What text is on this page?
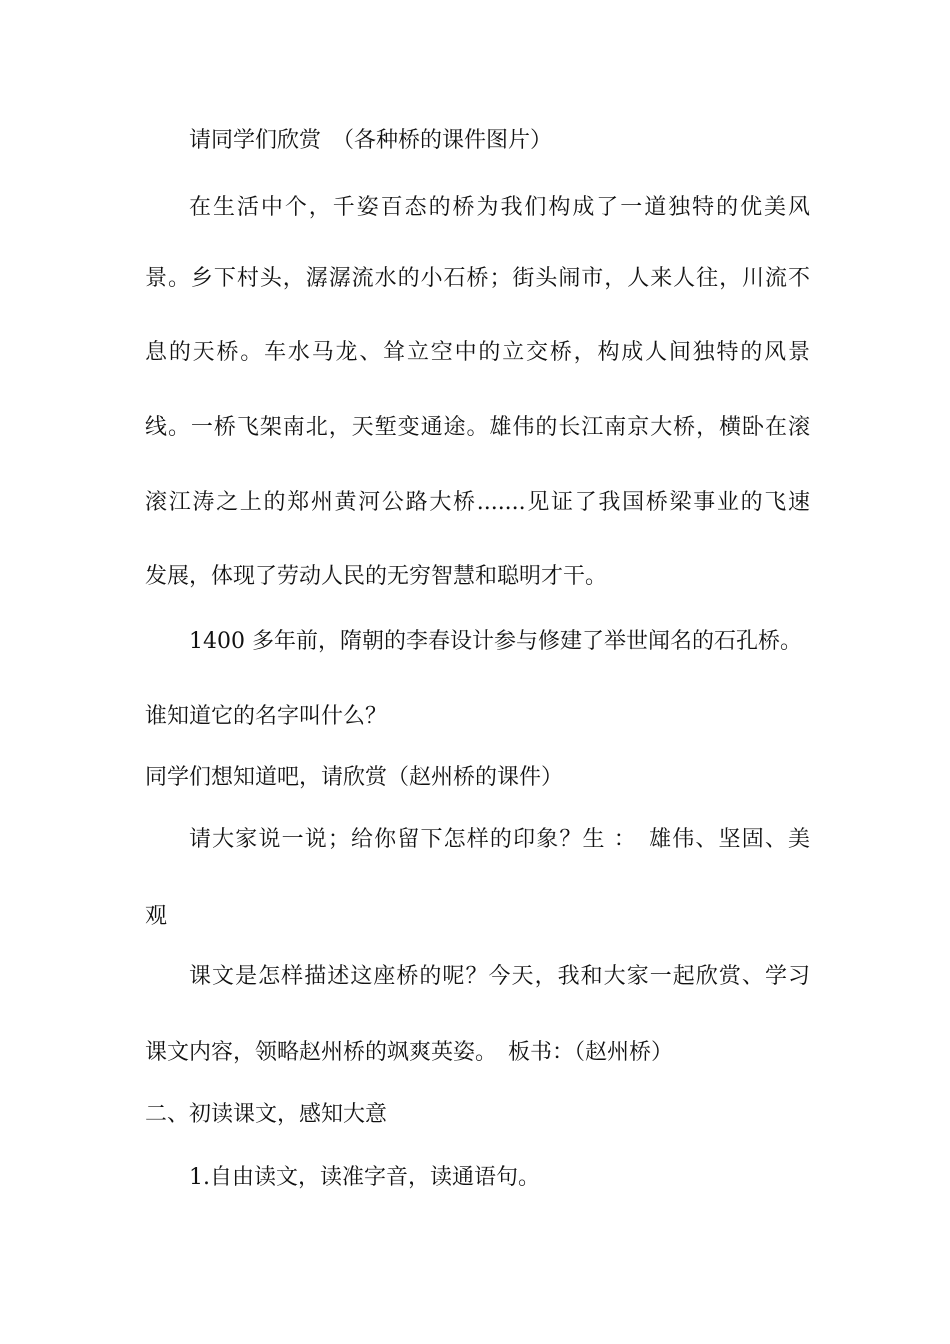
请同学们欣赏　（各种桥的课件图片）
在生活中个，千姿百态的桥为我们构成了一道独特的优美风
景。乡下村头，潺潺流水的小石桥；街头闹市，人来人往，川流不
息的天桥。车水马龙、耸立空中的立交桥，构成人间独特的风景
线。一桥飞架南北，天堑变通途。雄伟的长江南京大桥，横卧在滚
滚江涛之上的郑州黄河公路大桥.......见证了我国桥梁事业的飞速
发展，体现了劳动人民的无穷智慧和聪明才干。
1400 多年前，隋朝的李春设计参与修建了举世闻名的石孔桥。
谁知道它的名字叫什么？
同学们想知道吧，请欣赏（赵州桥的课件）
请大家说一说；给你留下怎样的印象？生 ：　雄伟、坚固、美
观
课文是怎样描述这座桥的呢？今天，我和大家一起欣赏、学习
课文内容，领略赵州桥的飒爽英姿。　板书：（赵州桥）
二、初读课文，感知大意
1.自由读文，读准字音，读通语句。
